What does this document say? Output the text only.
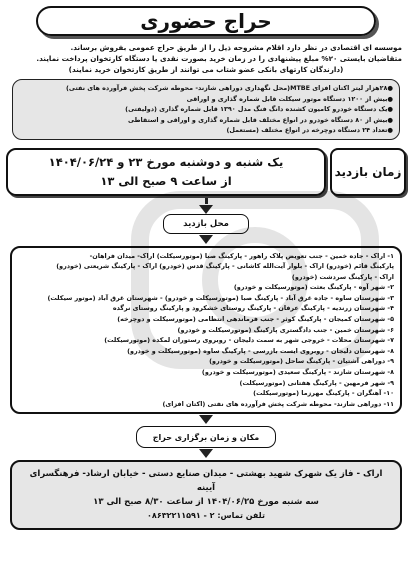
حراج حضوری
موسسه ای اقتصادی در نظر دارد اقلام مشروحه ذیل را از طریق حراج عمومی بفروش برساند.
متقاضیان بایستی ۲۰% مبلغ پیشنهادی را در زمان خرید بصورت نقدی یا دستگاه کارتخوان پرداخت نمایند.
(دارندگان کارتهای بانکی عضو شتاب می توانند از طریق کارتخوان خرید نمایند)
●۲۸هزار لیتر اکتان افزای MTBE(محل نگهداری دوراهی شازند- محوطه شرکت پخش فرآورده های نفتی)
●بیش از ۱۲۰۰ دستگاه موتور سیکلت قابل شماره گذاری و اوراقی
●یک دستگاه خودرو کامیون کشنده دانگ فنگ مدل ۱۳۹۰ قابل شماره گذاری (دولیفتی)
●بیش از ۸۰ دستگاه خودرو در انواع مختلف قابل شماره گذاری و اوراقی و استقاطی
●تعداد ۲۴ دستگاه دوچرخه در انواع مختلف (مستعمل)
زمان بازدید
یک شنبه و دوشنبه مورخ ۲۳ و ۱۴۰۴/۰۶/۲۴
از ساعت ۹ صبح الی ۱۳
محل بازدید
۱- اراک - جاده خمین - جنب تعویض پلاک راهور - پارکینگ صبا (موتورسیکلت) اراک- میدان فراهان-
پارکینگ قائم (خودرو) اراک - بلوار آیت‌الله کاشانی - پارکینگ قدس (خودرو) اراک - پارکینگ شریعتی (خودرو)
اراک - پارکینگ سردشت (خودرو)
۲- شهر آوه - پارکینگ بعثت (موتورسیکلت و خودرو)
۳- شهرستان ساوه - جاده غرق آباد - پارکینگ صبا (موتورسیکلت و خودرو) - شهرستان غرق آباد (موتور سیکلت)
۴- شهرستان زرندیه - پارکینگ عرفان - پارکینگ روستای خشکرود و پارکینگ روستای نرگده
۵- شهرستان کمیجان - پارکینگ کوثر - جنب فرماندهی انتظامی (موتورسیکلت و دوچرخه)
۶- شهرستان خمین - جنب دادگستری پارکینگ (موتورسیکلت و خودرو)
۷- شهرستان محلات - خروجی شهر به سمت دلیجان - روبروی رستوران لمکده (موتورسیکلت)
۸- شهرستان دلیجان - روبروی ایست بازرسی - پارکینگ ساوه (موتورسیکلت و خودرو)
۹- دوراهی آشتیان - پارکینگ ساحل (موتورسیکلت و خودرو)
۸- شهرستان شازند - پارکینگ سعیدی (موتورسیکلت و خودرو)
۹- شهر فرمهین - پارکینگ هفتانی (موتورسیکلت)
۱۰- آهنگران - پارکینگ مهرزما (موتورسیکلت)
۱۱- دوراهی شازند- محوطه شرکت پخش فرآورده های نفتی (اکتان افزای)
مکان و زمان برگزاری حراج
اراک - فاز یک شهرک شهید بهشتی - میدان صنایع دستی - خیابان ارشاد- فرهنگسرای آیینه
سه شنبه مورخ ۱۴۰۴/۰۶/۲۵ از ساعت ۸/۳۰ صبح الی ۱۳
تلفن تماس: ۲ - ۰۸۶۳۲۲۱۱۵۹۱
